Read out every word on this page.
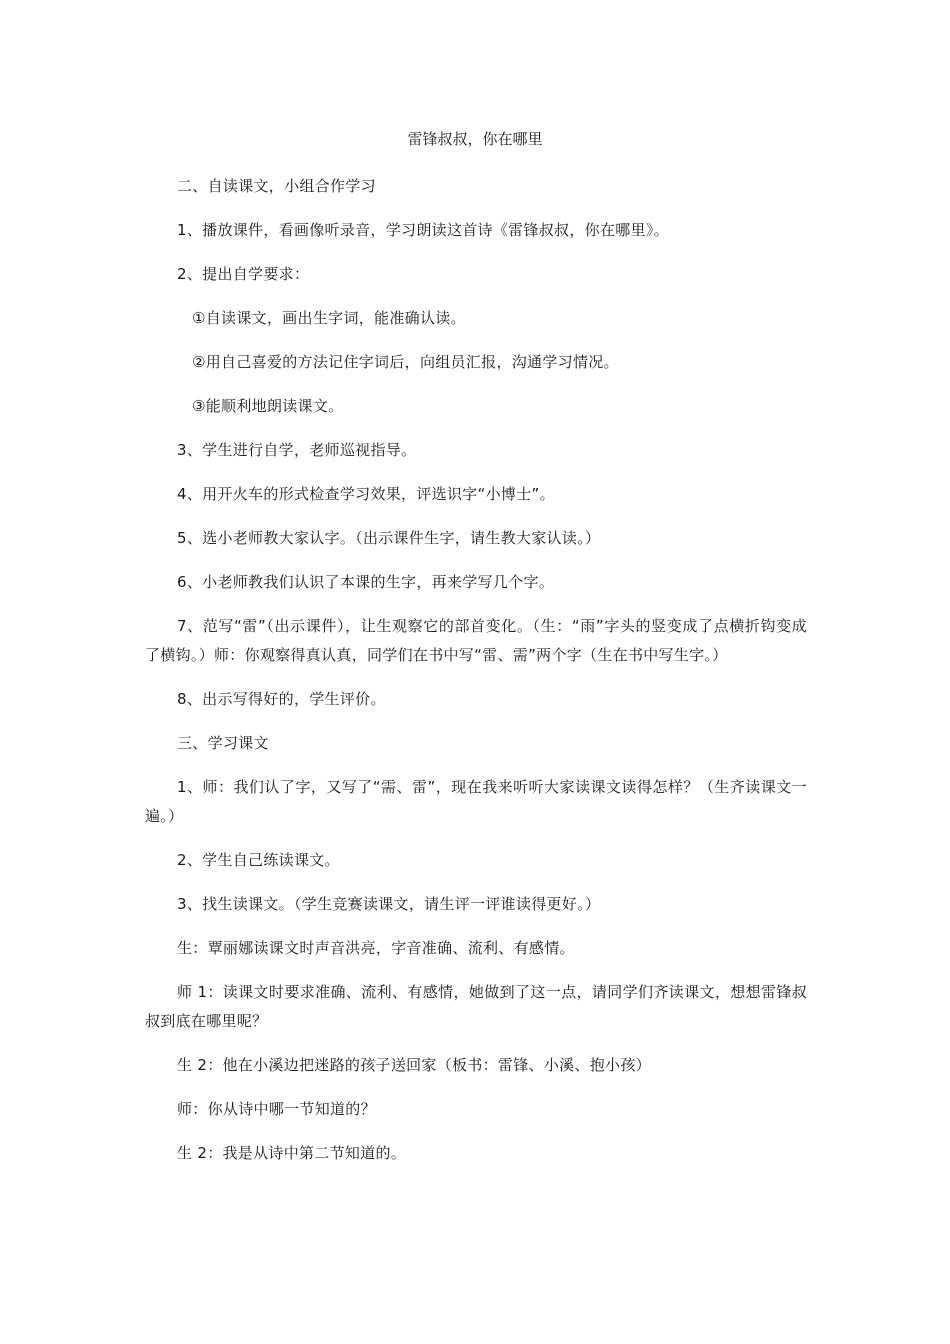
雷锋叔叔，你在哪里

二、自读课文，小组合作学习

1、播放课件，看画像听录音，学习朗读这首诗《雷锋叔叔，你在哪里》。

2、提出自学要求：

①自读课文，画出生字词，能准确认读。

②用自己喜爱的方法记住字词后，向组员汇报，沟通学习情况。

③能顺利地朗读课文。

3、学生进行自学，老师巡视指导。

4、用开火车的形式检查学习效果，评选识字“小博士”。

5、选小老师教大家认字。（出示课件生字，请生教大家认读。）

6、小老师教我们认识了本课的生字，再来学写几个字。

7、范写“雷”（出示课件），让生观察它的部首变化。（生：“雨”字头的竖变成了点横折钩变成了横钩。）师：你观察得真认真，同学们在书中写“雷、需”两个字（生在书中写生字。）

8、出示写得好的，学生评价。

三、学习课文

1、师：我们认了字，又写了“需、雷”，现在我来听听大家读课文读得怎样？（生齐读课文一遍。）

2、学生自己练读课文。

3、找生读课文。（学生竞赛读课文，请生评一评谁读得更好。）

生：覃丽娜读课文时声音洪亮，字音准确、流利、有感情。

师 1：读课文时要求准确、流利、有感情，她做到了这一点，请同学们齐读课文，想想雷锋叔叔到底在哪里呢？

生 2：他在小溪边把迷路的孩子送回家（板书：雷锋、小溪、抱小孩）

师：你从诗中哪一节知道的？

生 2：我是从诗中第二节知道的。
